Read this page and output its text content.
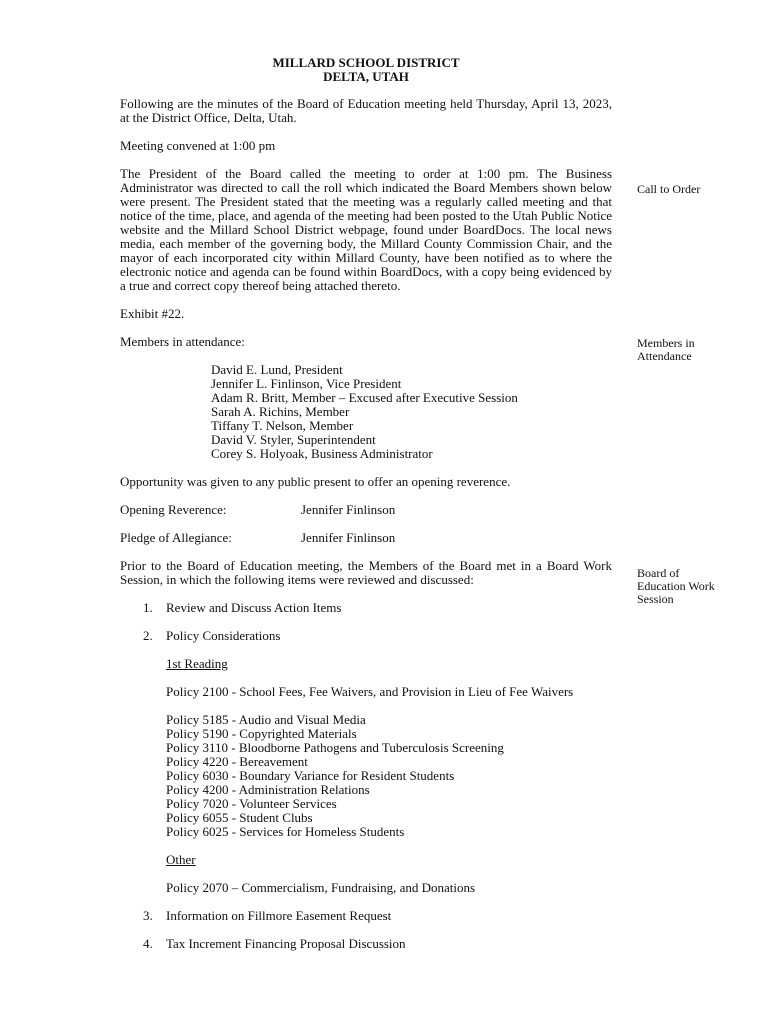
MILLARD SCHOOL DISTRICT
DELTA, UTAH
Following are the minutes of the Board of Education meeting held Thursday, April 13, 2023, at the District Office, Delta, Utah.
Meeting convened at 1:00 pm
The President of the Board called the meeting to order at 1:00 pm. The Business Administrator was directed to call the roll which indicated the Board Members shown below were present. The President stated that the meeting was a regularly called meeting and that notice of the time, place, and agenda of the meeting had been posted to the Utah Public Notice website and the Millard School District webpage, found under BoardDocs. The local news media, each member of the governing body, the Millard County Commission Chair, and the mayor of each incorporated city within Millard County, have been notified as to where the electronic notice and agenda can be found within BoardDocs, with a copy being evidenced by a true and correct copy thereof being attached thereto.
Exhibit #22.
Call to Order
Members in attendance:	Members in
Attendance
David E. Lund, President
Jennifer L. Finlinson, Vice President
Adam R. Britt, Member – Excused after Executive Session
Sarah A. Richins, Member
Tiffany T. Nelson, Member
David V. Styler, Superintendent
Corey S. Holyoak, Business Administrator
Opportunity was given to any public present to offer an opening reverence.
Opening Reverence:	Jennifer Finlinson
Pledge of Allegiance:	Jennifer Finlinson
Prior to the Board of Education meeting, the Members of the Board met in a Board Work Session, in which the following items were reviewed and discussed:	Board of
Education Work
Session
1. Review and Discuss Action Items
2. Policy Considerations
1st Reading
Policy 2100 - School Fees, Fee Waivers, and Provision in Lieu of Fee Waivers
Policy 5185 - Audio and Visual Media
Policy 5190 - Copyrighted Materials
Policy 3110 - Bloodborne Pathogens and Tuberculosis Screening
Policy 4220 - Bereavement
Policy 6030 - Boundary Variance for Resident Students
Policy 4200 - Administration Relations
Policy 7020 - Volunteer Services
Policy 6055 - Student Clubs
Policy 6025 - Services for Homeless Students
Other
Policy 2070 – Commercialism, Fundraising, and Donations
3. Information on Fillmore Easement Request
4. Tax Increment Financing Proposal Discussion
